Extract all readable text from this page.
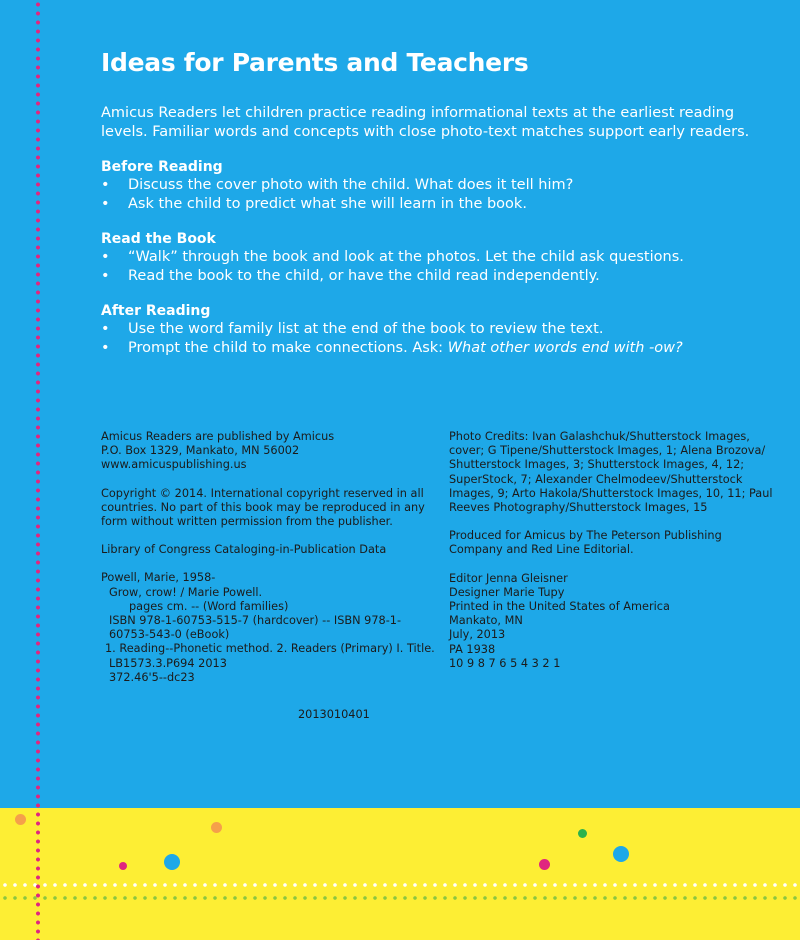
Ideas for Parents and Teachers

Amicus Readers let children practice reading informational texts at the earliest reading levels. Familiar words and concepts with close photo-text matches support early readers.

Before Reading
• Discuss the cover photo with the child. What does it tell him?
• Ask the child to predict what she will learn in the book.
Read the Book
• “Walk” through the book and look at the photos. Let the child ask questions.
• Read the book to the child, or have the child read independently.
After Reading
• Use the word family list at the end of the book to review the text.
• Prompt the child to make connections. Ask: What other words end with -ow?

Amicus Readers are published by Amicus

P.O. Box 1329, Mankato, MN 56002

www.amicuspublishing.us

Copyright © 2014. International copyright reserved in all countries. No part of this book may be reproduced in any form without written permission from the publisher.

Library of Congress Cataloging-in-Publication Data

Powell, Marie, 1958-

Grow, crow! / Marie Powell.

pages cm. -- (Word families)

ISBN 978-1-60753-515-7 (hardcover) -- ISBN 978-1-60753-543-0 (eBook)

1. Reading--Phonetic method. 2. Readers (Primary) I. Title.

LB1573.3.P694 2013

372.46'5--dc23

2013010401

Photo Credits: Ivan Galashchuk/Shutterstock Images, cover; G Tipene/Shutterstock Images, 1; Alena Brozova/ Shutterstock Images, 3; Shutterstock Images, 4, 12; SuperStock, 7; Alexander Chelmodeev/Shutterstock Images, 9; Arto Hakola/Shutterstock Images, 10, 11; Paul Reeves Photography/Shutterstock Images, 15

Produced for Amicus by The Peterson Publishing Company and Red Line Editorial.

Editor Jenna Gleisner

Designer Marie Tupy

Printed in the United States of America

Mankato, MN

July, 2013

PA 1938

10 9 8 7 6 5 4 3 2 1
